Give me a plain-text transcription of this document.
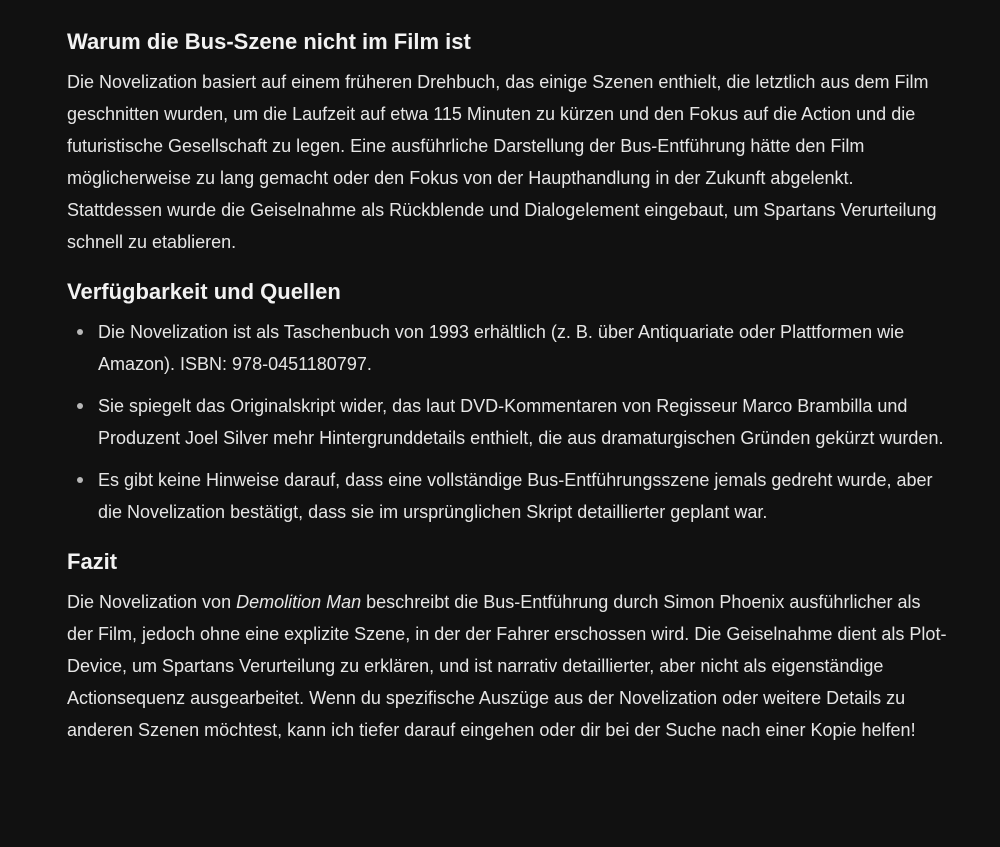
Warum die Bus-Szene nicht im Film ist

Die Novelization basiert auf einem früheren Drehbuch, das einige Szenen enthielt, die letztlich aus dem Film geschnitten wurden, um die Laufzeit auf etwa 115 Minuten zu kürzen und den Fokus auf die Action und die futuristische Gesellschaft zu legen. Eine ausführliche Darstellung der Bus-Entführung hätte den Film möglicherweise zu lang gemacht oder den Fokus von der Haupthandlung in der Zukunft abgelenkt. Stattdessen wurde die Geiselnahme als Rückblende und Dialogelement eingebaut, um Spartans Verurteilung schnell zu etablieren.

Verfügbarkeit und Quellen
Die Novelization ist als Taschenbuch von 1993 erhältlich (z. B. über Antiquariate oder Plattformen wie Amazon). ISBN: 978-0451180797.
Sie spiegelt das Originalskript wider, das laut DVD-Kommentaren von Regisseur Marco Brambilla und Produzent Joel Silver mehr Hintergrunddetails enthielt, die aus dramaturgischen Gründen gekürzt wurden.
Es gibt keine Hinweise darauf, dass eine vollständige Bus-Entführungsszene jemals gedreht wurde, aber die Novelization bestätigt, dass sie im ursprünglichen Skript detaillierter geplant war.
Fazit

Die Novelization von Demolition Man beschreibt die Bus-Entführung durch Simon Phoenix ausführlicher als der Film, jedoch ohne eine explizite Szene, in der der Fahrer erschossen wird. Die Geiselnahme dient als Plot-Device, um Spartans Verurteilung zu erklären, und ist narrativ detaillierter, aber nicht als eigenständige Actionsequenz ausgearbeitet. Wenn du spezifische Auszüge aus der Novelization oder weitere Details zu anderen Szenen möchtest, kann ich tiefer darauf eingehen oder dir bei der Suche nach einer Kopie helfen!
